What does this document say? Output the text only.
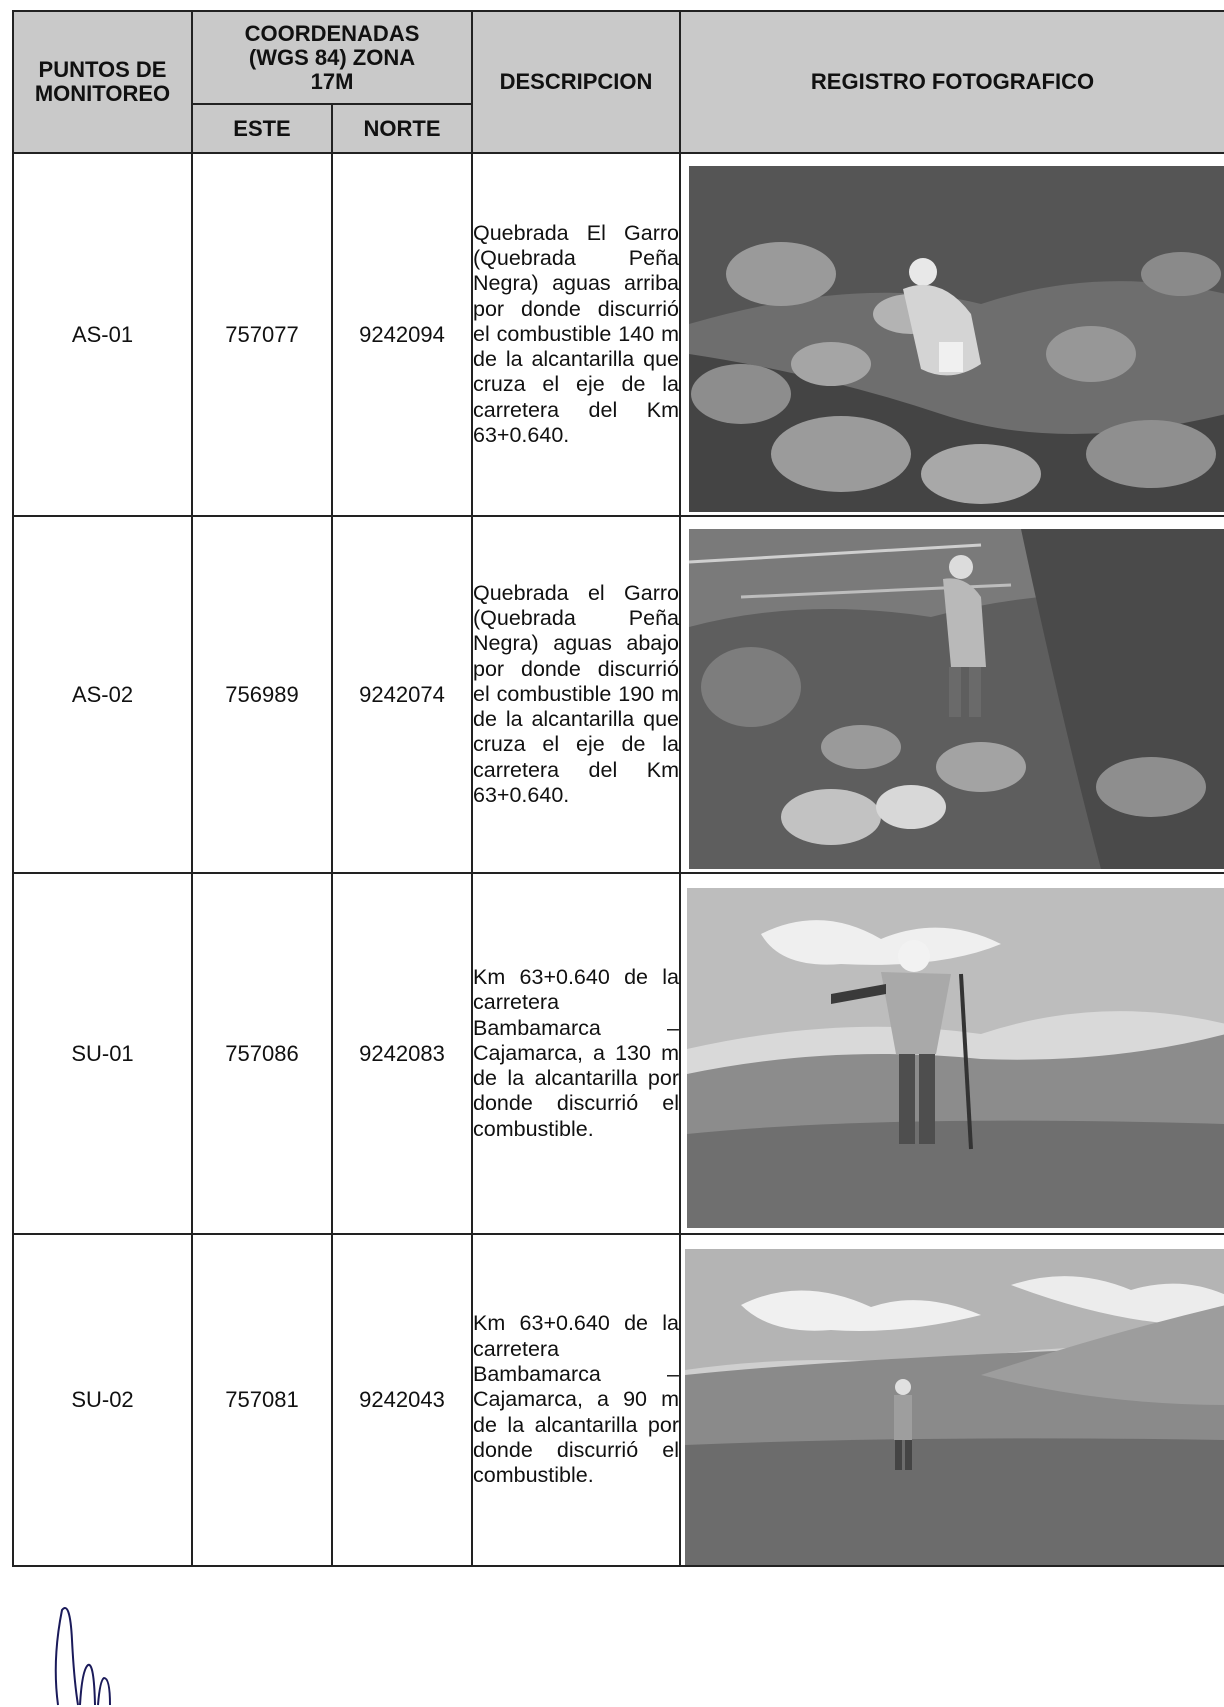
PUNTOS DE MONITOREO	COORDENADAS (WGS 84) ZONA 17M		DESCRIPCION	REGISTRO FOTOGRAFICO
	ESTE	NORTE		
AS-01	757077	9242094	Quebrada El Garro (Quebrada Peña Negra) aguas arriba por donde discurrió el combustible 140 m de la alcantarilla que cruza el eje de la carretera del Km 63+0.640.	

AS-02	756989	9242074	Quebrada el Garro (Quebrada Peña Negra) aguas abajo por donde discurrió el combustible 190 m de la alcantarilla que cruza el eje de la carretera del Km 63+0.640.	

SU-01	757086	9242083	Km 63+0.640 de la carretera Bambamarca – Cajamarca, a 130 m de la alcantarilla por donde discurrió el combustible.	

SU-02	757081	9242043	Km 63+0.640 de la carretera Bambamarca – Cajamarca, a 90 m de la alcantarilla por donde discurrió el combustible.	
